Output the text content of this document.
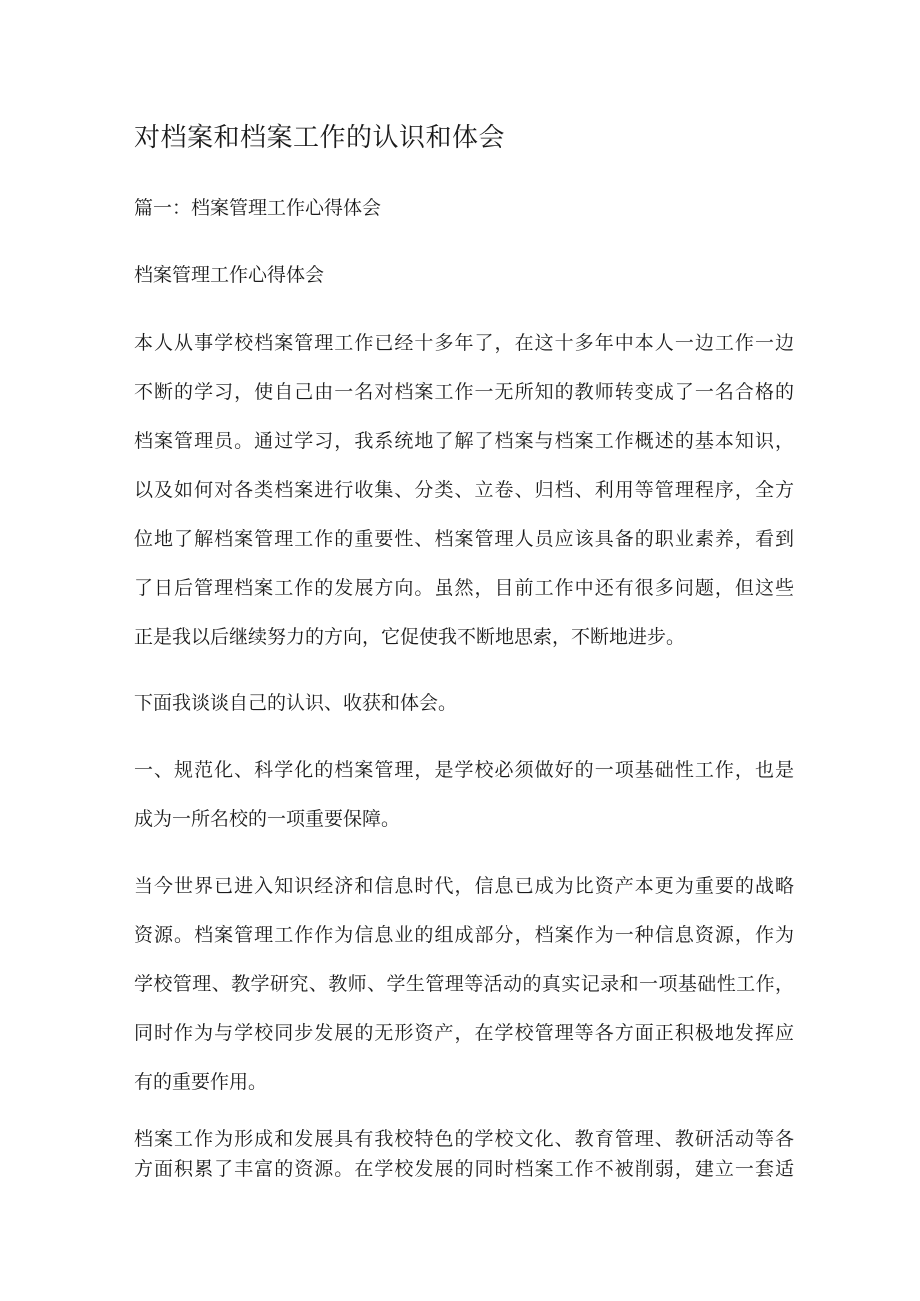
对档案和档案工作的认识和体会

篇一：档案管理工作心得体会

档案管理工作心得体会

本人从事学校档案管理工作已经十多年了，在这十多年中本人一边工作一边

不断的学习，使自己由一名对档案工作一无所知的教师转变成了一名合格的

档案管理员。通过学习，我系统地了解了档案与档案工作概述的基本知识，

以及如何对各类档案进行收集、分类、立卷、归档、利用等管理程序，全方

位地了解档案管理工作的重要性、档案管理人员应该具备的职业素养，看到

了日后管理档案工作的发展方向。虽然，目前工作中还有很多问题，但这些

正是我以后继续努力的方向，它促使我不断地思索，不断地进步。

下面我谈谈自己的认识、收获和体会。

一、规范化、科学化的档案管理，是学校必须做好的一项基础性工作，也是

成为一所名校的一项重要保障。

当今世界已进入知识经济和信息时代，信息已成为比资产本更为重要的战略

资源。档案管理工作作为信息业的组成部分，档案作为一种信息资源，作为

学校管理、教学研究、教师、学生管理等活动的真实记录和一项基础性工作，

同时作为与学校同步发展的无形资产，在学校管理等各方面正积极地发挥应

有的重要作用。

档案工作为形成和发展具有我校特色的学校文化、教育管理、教研活动等各

方面积累了丰富的资源。在学校发展的同时档案工作不被削弱，建立一套适
